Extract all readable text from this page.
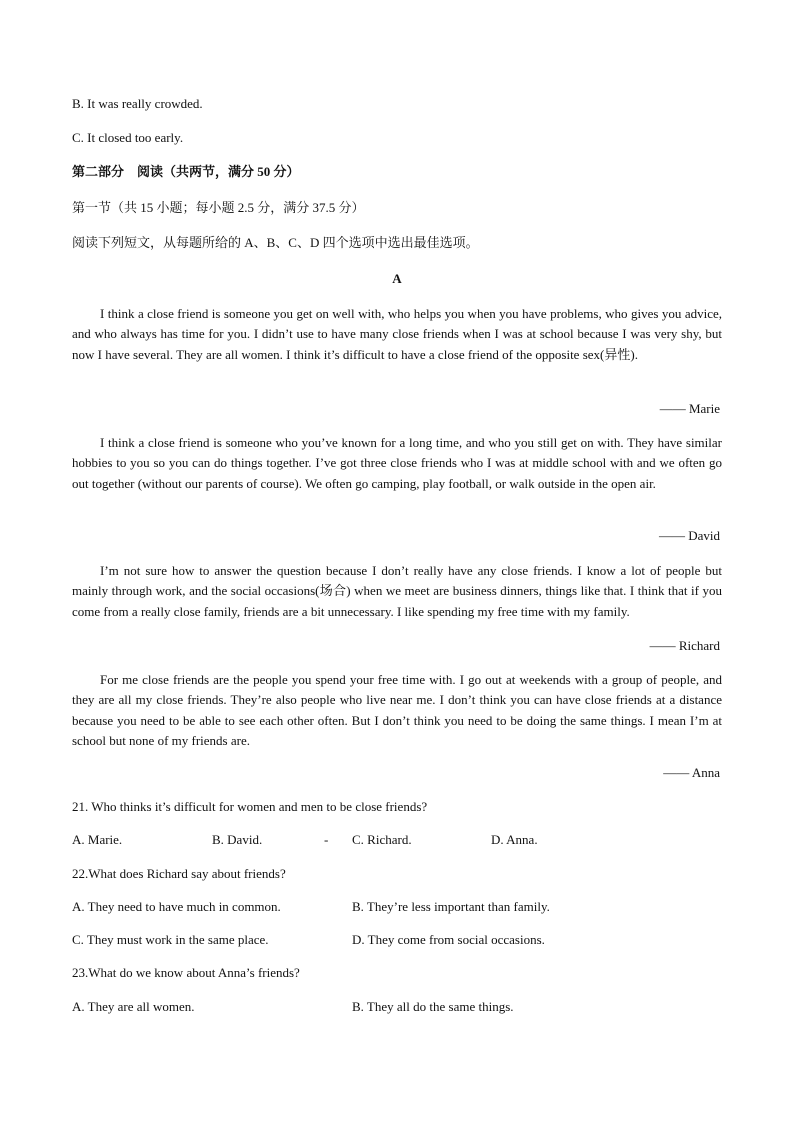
B. It was really crowded.
C. It closed too early.
第二部分　阅读（共两节，满分 50 分）
第一节（共 15 小题；每小题 2.5 分，满分 37.5 分）
阅读下列短文，从每题所给的 A、B、C、D 四个选项中选出最佳选项。
A
I think a close friend is someone you get on well with, who helps you when you have problems, who gives you advice, and who always has time for you. I didn’t use to have many close friends when I was at school because I was very shy, but now I have several. They are all women. I think it’s difficult to have a close friend of the opposite sex(异性).
—— Marie
I think a close friend is someone who you’ve known for a long time, and who you still get on with. They have similar hobbies to you so you can do things together. I’ve got three close friends who I was at middle school with and we often go out together (without our parents of course). We often go camping, play football, or walk outside in the open air.
—— David
I’m not sure how to answer the question because I don’t really have any close friends. I know a lot of people but mainly through work, and the social occasions(场合) when we meet are business dinners, things like that. I think that if you come from a really close family, friends are a bit unnecessary. I like spending my free time with my family.
—— Richard
For me close friends are the people you spend your free time with. I go out at weekends with a group of people, and they are all my close friends. They’re also people who live near me. I don’t think you can have close friends at a distance because you need to be able to see each other often. But I don’t think you need to be doing the same things. I mean I’m at school but none of my friends are.
—— Anna
21. Who thinks it’s difficult for women and men to be close friends?
A. Marie.	B. David.	- C. Richard.	D. Anna.
22.What does Richard say about friends?
A. They need to have much in common.	B. They’re less important than family.
C. They must work in the same place.	D. They come from social occasions.
23.What do we know about Anna’s friends?
A. They are all women.	B. They all do the same things.
